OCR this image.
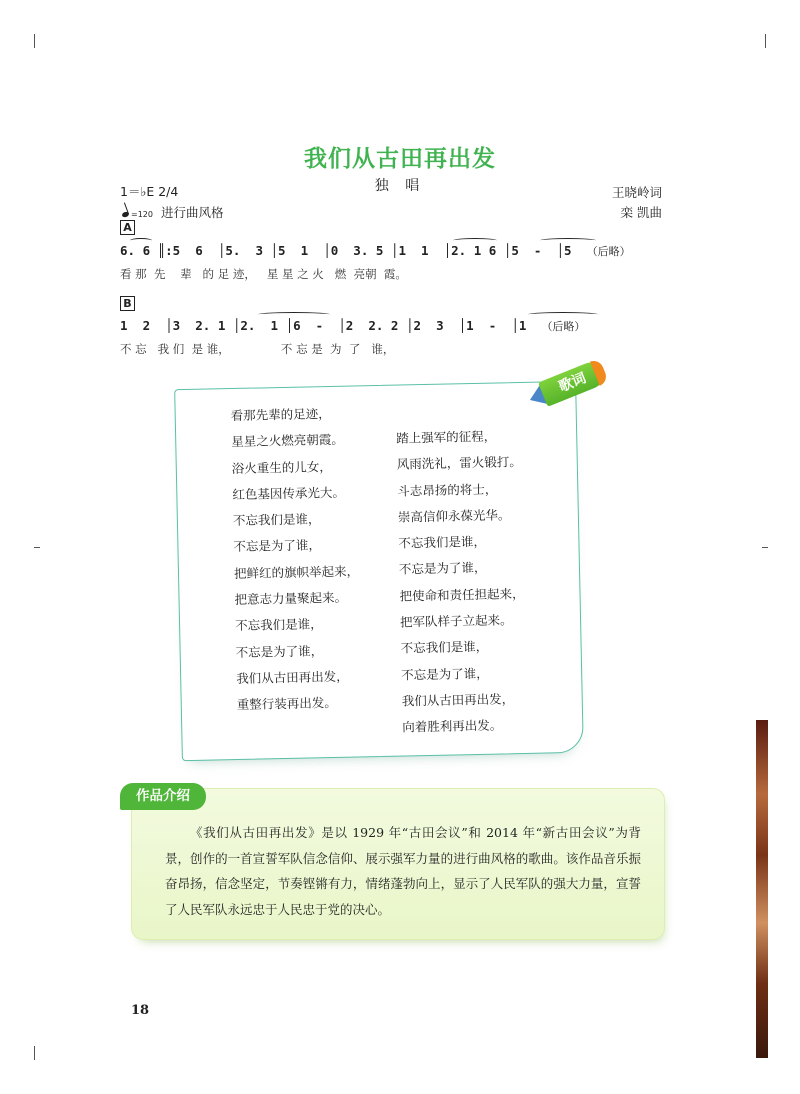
我们从古田再出发
独 唱
1＝♭E 2/4
=120 进行曲风格
王晓岭词
栾 凯曲
A
6. 6 ║:5  6  │5.  3 │5  1  │0  3. 5 │1  1  │2. 1 6 │5  -  │5  （后略）
看 那  先    辈   的 足 迹，   星 星 之 火   燃  亮朝  霞。
B
1  2  │3  2. 1 │2.  1 │6  -  │2  2. 2 │2  3  │1  -  │1  （后略）
不 忘   我 们  是 谁，              不 忘 是  为  了   谁，
看那先辈的足迹，
星星之火燃亮朝霞。
浴火重生的儿女，
红色基因传承光大。
不忘我们是谁，
不忘是为了谁，
把鲜红的旗帜举起来，
把意志力量聚起来。
不忘我们是谁，
不忘是为了谁，
我们从古田再出发，
重整行装再出发。
踏上强军的征程，
风雨洗礼，雷火锻打。
斗志昂扬的将士，
崇高信仰永葆光华。
不忘我们是谁，
不忘是为了谁，
把使命和责任担起来，
把军队样子立起来。
不忘我们是谁，
不忘是为了谁，
我们从古田再出发，
向着胜利再出发。
歌词
作品介绍
《我们从古田再出发》是以 1929 年“古田会议”和 2014 年“新古田会议”为背景，创作的一首宣誓军队信念信仰、展示强军力量的进行曲风格的歌曲。该作品音乐振奋昂扬，信念坚定，节奏铿锵有力，情绪蓬勃向上，显示了人民军队的强大力量，宣誓了人民军队永远忠于人民忠于党的决心。
18
